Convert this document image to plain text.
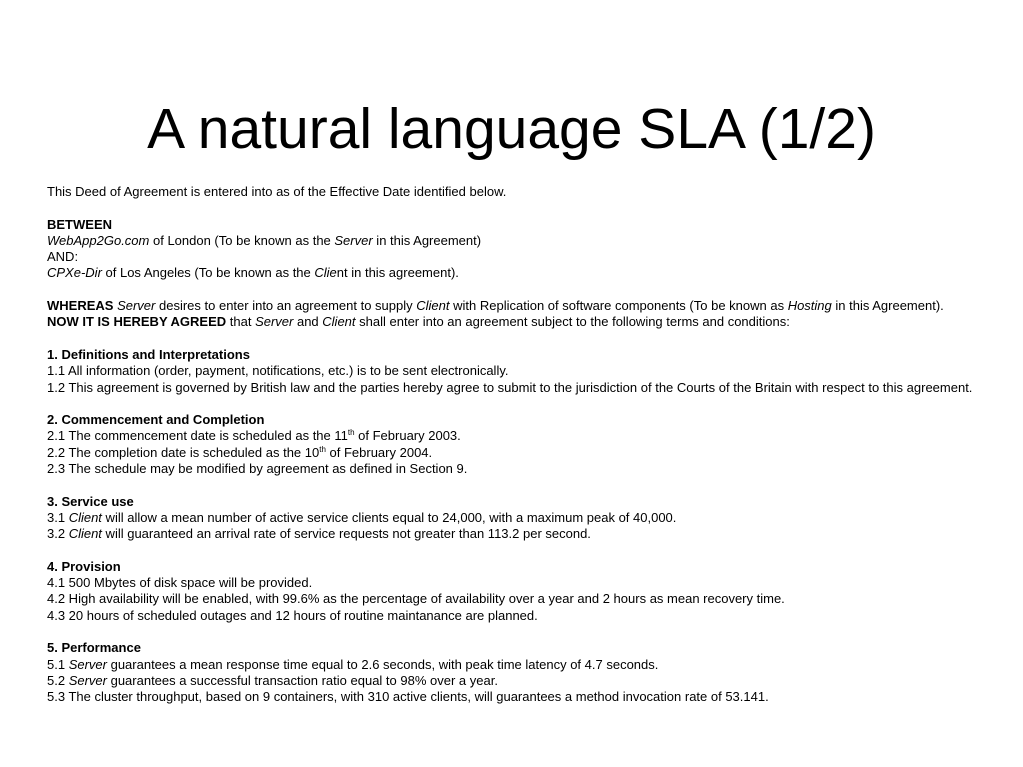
A natural language SLA (1/2)
This Deed of Agreement is entered into as of the Effective Date identified below.
BETWEEN
WebApp2Go.com of London (To be known as the Server in this Agreement)
AND:
CPXe-Dir of Los Angeles (To be known as the Client in this agreement).
WHEREAS Server desires to enter into an agreement to supply Client with Replication of software components (To be known as Hosting in this Agreement).
NOW IT IS HEREBY AGREED that Server and Client shall enter into an agreement subject to the following terms and conditions:
1. Definitions and Interpretations
1.1 All information (order, payment, notifications, etc.) is to be sent electronically.
1.2 This agreement is governed by British law and the parties hereby agree to submit to the jurisdiction of the Courts of the Britain with respect to this agreement.
2. Commencement and Completion
2.1 The commencement date is scheduled as the 11th of February 2003.
2.2 The completion date is scheduled as the 10th of February 2004.
2.3 The schedule may be modified by agreement as defined in Section 9.
3. Service use
3.1 Client will allow a mean number of active service clients equal to 24,000, with a maximum peak of 40,000.
3.2 Client will guaranteed an arrival rate of service requests not greater than 113.2 per second.
4. Provision
4.1 500 Mbytes of disk space will be provided.
4.2 High availability will be enabled, with 99.6% as the percentage of availability over a year and 2 hours as mean recovery time.
4.3 20 hours of scheduled outages and 12 hours of routine maintanance are planned.
5. Performance
5.1 Server guarantees a mean response time equal to 2.6 seconds, with peak time latency of 4.7 seconds.
5.2 Server guarantees a successful transaction ratio equal to 98% over a year.
5.3 The cluster throughput, based on 9 containers, with 310 active clients, will guarantees a method invocation rate of 53.141.
